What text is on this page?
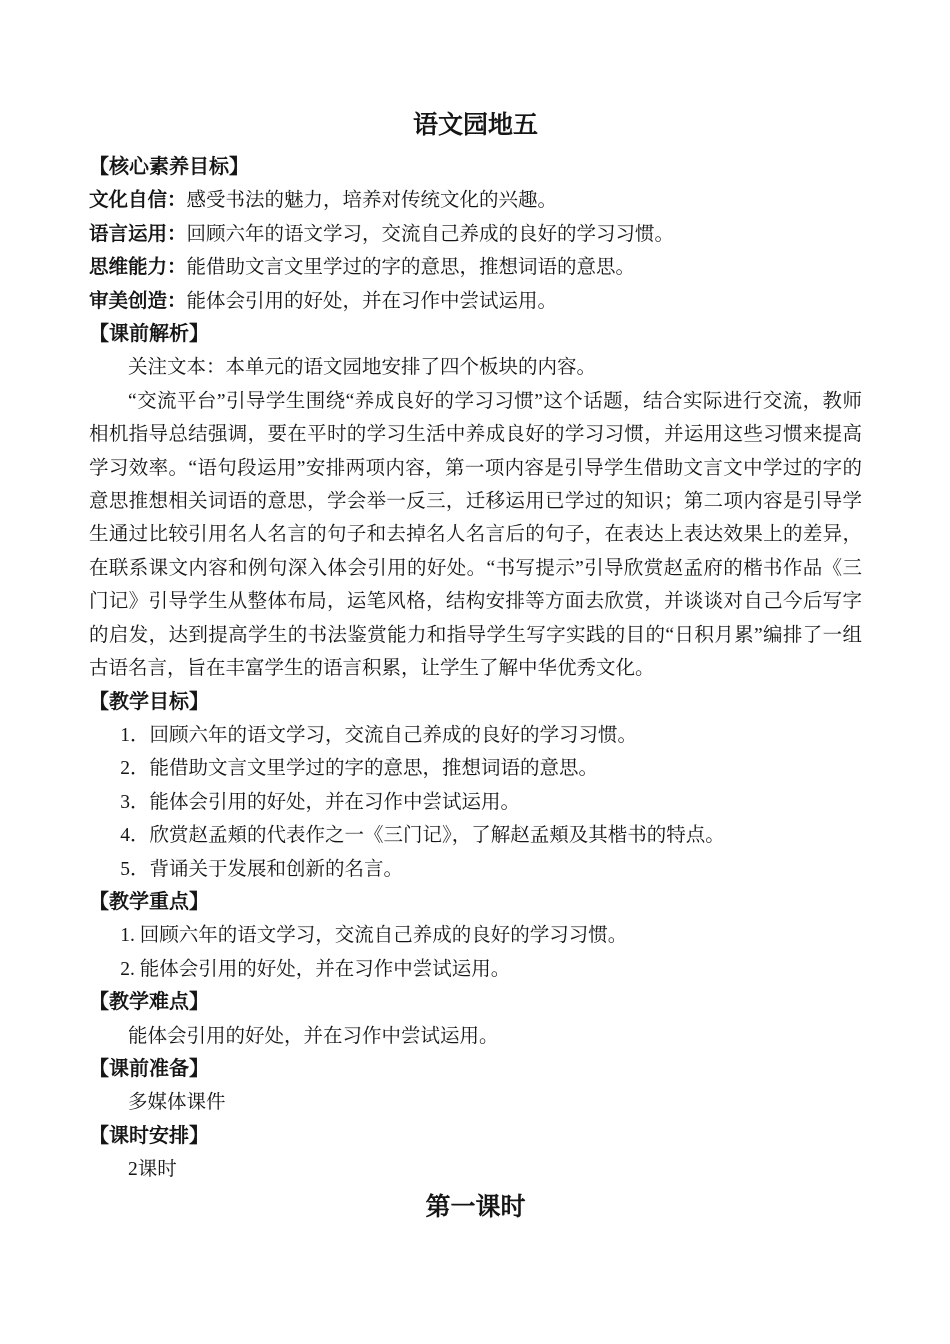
语文园地五
【核心素养目标】

文化自信：感受书法的魅力，培养对传统文化的兴趣。

语言运用：回顾六年的语文学习，交流自己养成的良好的学习习惯。

思维能力：能借助文言文里学过的字的意思，推想词语的意思。

审美创造：能体会引用的好处，并在习作中尝试运用。

【课前解析】

关注文本：本单元的语文园地安排了四个板块的内容。

“交流平台”引导学生围绕“养成良好的学习习惯”这个话题，结合实际进行交流，教师相机指导总结强调，要在平时的学习生活中养成良好的学习习惯，并运用这些习惯来提高学习效率。“语句段运用”安排两项内容，第一项内容是引导学生借助文言文中学过的字的意思推想相关词语的意思，学会举一反三，迁移运用已学过的知识；第二项内容是引导学生通过比较引用名人名言的句子和去掉名人名言后的句子，在表达上表达效果上的差异，在联系课文内容和例句深入体会引用的好处。“书写提示”引导欣赏赵孟府的楷书作品《三门记》引导学生从整体布局，运笔风格，结构安排等方面去欣赏，并谈谈对自己今后写字的启发，达到提高学生的书法鉴赏能力和指导学生写字实践的目的“日积月累”编排了一组古语名言，旨在丰富学生的语言积累，让学生了解中华优秀文化。

【教学目标】

1．回顾六年的语文学习，交流自己养成的良好的学习习惯。

2．能借助文言文里学过的字的意思，推想词语的意思。

3．能体会引用的好处，并在习作中尝试运用。

4．欣赏赵孟頬的代表作之一《三门记》，了解赵孟頬及其楷书的特点。

5．背诵关于发展和创新的名言。

【教学重点】

1. 回顾六年的语文学习，交流自己养成的良好的学习习惯。

2. 能体会引用的好处，并在习作中尝试运用。

【教学难点】

能体会引用的好处，并在习作中尝试运用。

【课前准备】

多媒体课件

【课时安排】

2课时

第一课时
